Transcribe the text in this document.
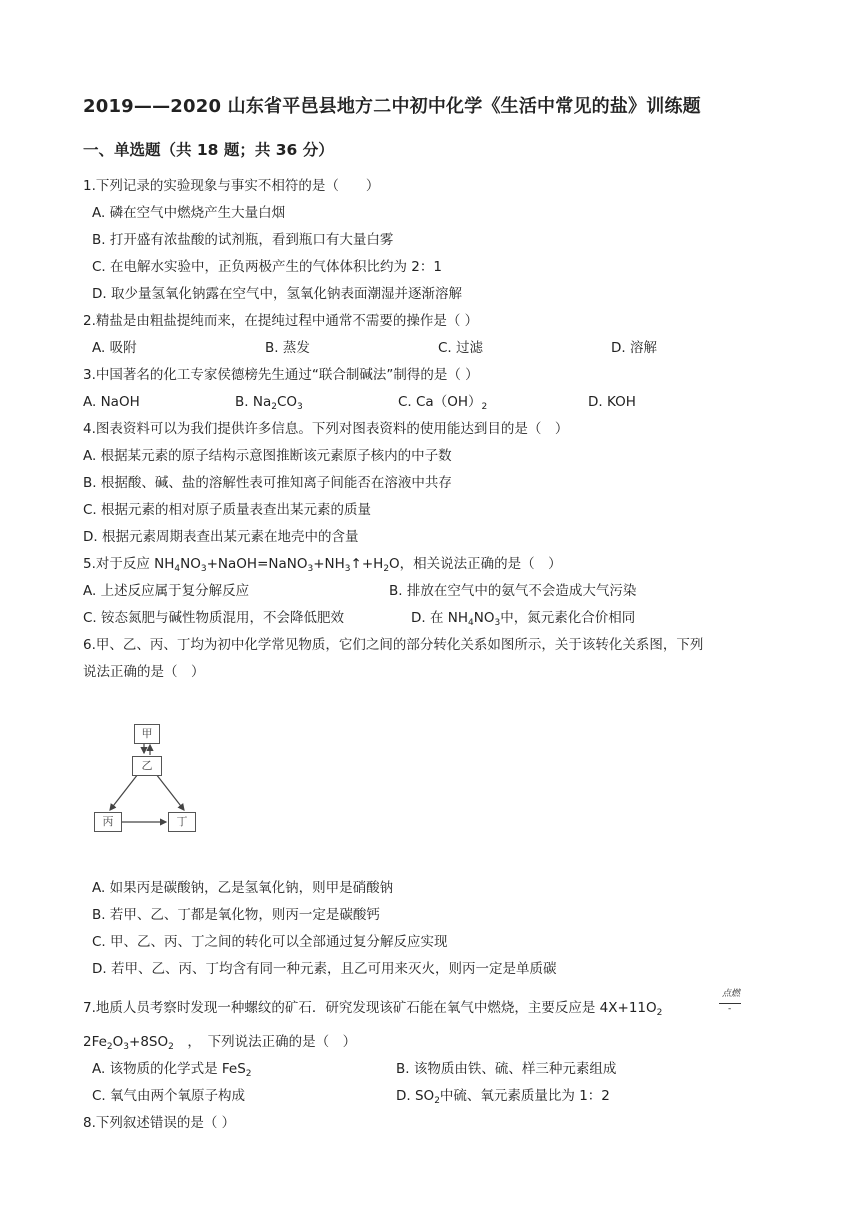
2019——2020 山东省平邑县地方二中初中化学《生活中常见的盐》训练题
一、单选题（共 18 题；共 36 分）
1.下列记录的实验现象与事实不相符的是（　　）
A. 磷在空气中燃烧产生大量白烟
B. 打开盛有浓盐酸的试剂瓶，看到瓶口有大量白雾
C. 在电解水实验中，正负两极产生的气体体积比约为 2：1
D. 取少量氢氧化钠露在空气中，氢氧化钠表面潮湿并逐渐溶解
2.精盐是由粗盐提纯而来，在提纯过程中通常不需要的操作是（ ）
A. 吸附	B. 蒸发	C. 过滤	D. 溶解
3.中国著名的化工专家侯德榜先生通过“联合制碱法”制得的是（ ）
A. NaOH	B. $Na_2CO_3$	C. $Ca(OH)_2$	D. KOH
4.图表资料可以为我们提供许多信息。下列对图表资料的使用能达到目的是（　）
A. 根据某元素的原子结构示意图推断该元素原子核内的中子数
B. 根据酸、碱、盐的溶解性表可推知离子间能否在溶液中共存
C. 根据元素的相对原子质量表查出某元素的质量
D. 根据元素周期表查出某元素在地壳中的含量
5.对于反应 $NH_4NO_3+NaOH=NaNO_3+NH_3↑+H_2O$，相关说法正确的是（　）
A. 上述反应属于复分解反应	B. 排放在空气中的氨气不会造成大气污染
C. 铵态氮肥与碱性物质混用，不会降低肥效	D. 在 $NH_4NO_3$中，氮元素化合价相同
6.甲、乙、丙、丁均为初中化学常见物质，它们之间的部分转化关系如图所示，关于该转化关系图，下列
说法正确的是（　）
甲
乙
丙	丁
A. 如果丙是碳酸钠，乙是氢氧化钠，则甲是硝酸钠
B. 若甲、乙、丁都是氧化物，则丙一定是碳酸钙
C. 甲、乙、丙、丁之间的转化可以全部通过复分解反应实现
D. 若甲、乙、丙、丁均含有同一种元素，且乙可用来灭火，则丙一定是单质碳
7.地质人员考察时发现一种螺纹的矿石．研究发现该矿石能在氧气中燃烧，主要反应是 $4X+11O_2$
点燃
-
$2Fe_2O_3+8SO_2$　，　下列说法正确的是（　）
A. 该物质的化学式是 FeS$_2$	B. 该物质由铁、硫、样三种元素组成
C. 氧气由两个氧原子构成	D. $SO_2$中硫、氧元素质量比为 1：2
8.下列叙述错误的是（ ）
